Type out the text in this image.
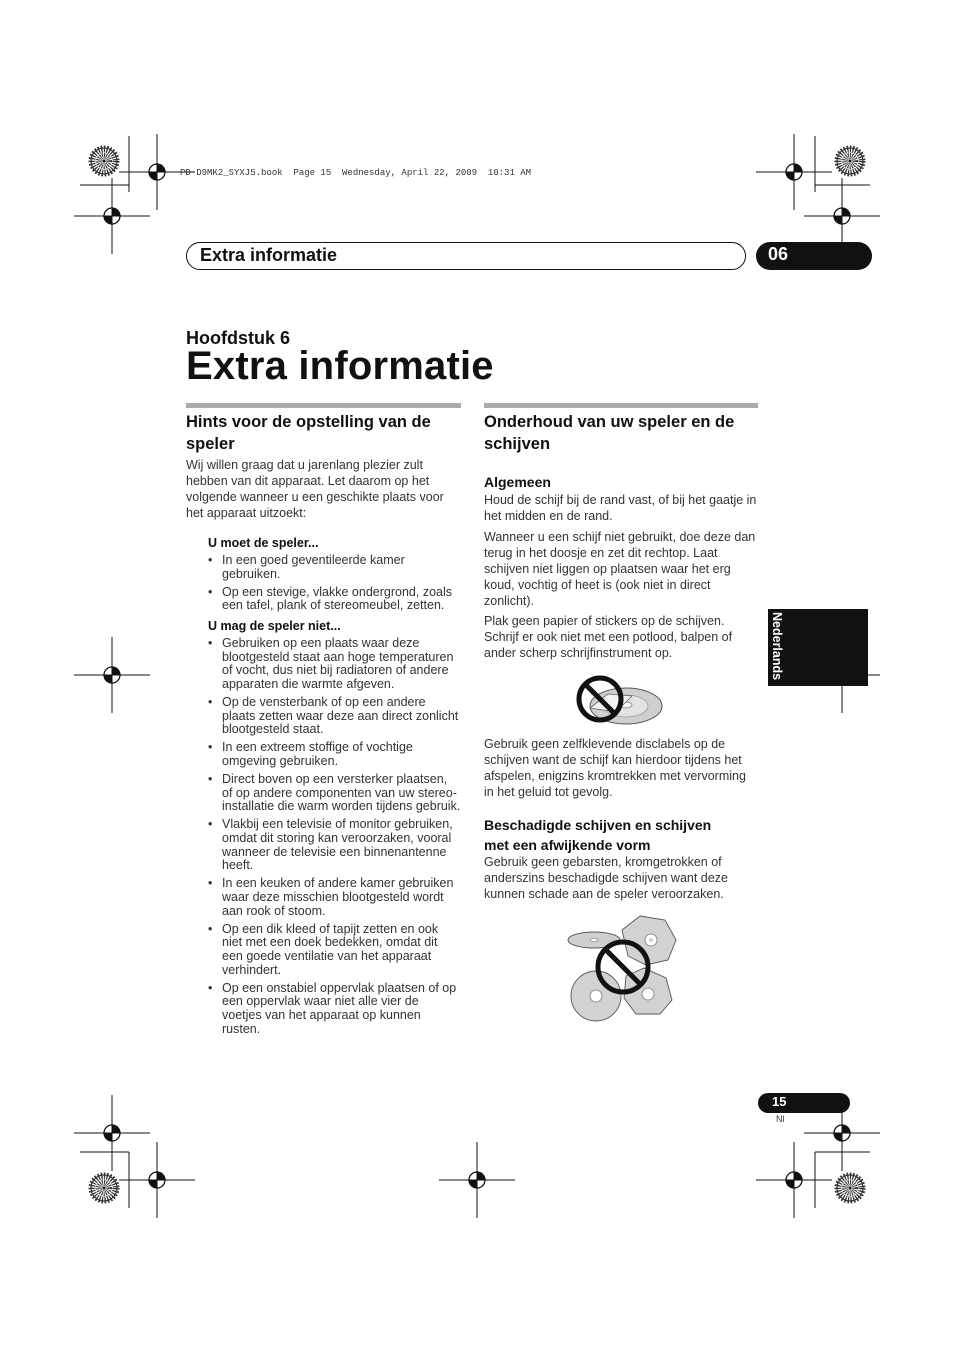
PD-D9MK2_SYXJ5.book  Page 15  Wednesday, April 22, 2009  10:31 AM
Extra informatie	06
Hoofdstuk 6
Extra informatie
Hints voor de opstelling van de
speler

Wij willen graag dat u jarenlang plezier zult hebben van dit apparaat. Let daarom op het volgende wanneer u een geschikte plaats voor het apparaat uitzoekt:

U moet de speler...
• In een goed geventileerde kamer gebruiken.
• Op een stevige, vlakke ondergrond, zoals een tafel, plank of stereomeubel, zetten.
U mag de speler niet...
• Gebruiken op een plaats waar deze blootgesteld staat aan hoge temperaturen of vocht, dus niet bij radiatoren of andere apparaten die warmte afgeven.
• Op de vensterbank of op een andere plaats zetten waar deze aan direct zonlicht blootgesteld staat.
• In een extreem stoffige of vochtige omgeving gebruiken.
• Direct boven op een versterker plaatsen, of op andere componenten van uw stereo-installatie die warm worden tijdens gebruik.
• Vlakbij een televisie of monitor gebruiken, omdat dit storing kan veroorzaken, vooral wanneer de televisie een binnenantenne heeft.
• In een keuken of andere kamer gebruiken waar deze misschien blootgesteld wordt aan rook of stoom.
• Op een dik kleed of tapijt zetten en ook niet met een doek bedekken, omdat dit een goede ventilatie van het apparaat verhindert.
• Op een onstabiel oppervlak plaatsen of op een oppervlak waar niet alle vier de voetjes van het apparaat op kunnen rusten.
Onderhoud van uw speler en de
schijven
Algemeen

Houd de schijf bij de rand vast, of bij het gaatje in het midden en de rand.

Wanneer u een schijf niet gebruikt, doe deze dan terug in het doosje en zet dit rechtop. Laat schijven niet liggen op plaatsen waar het erg koud, vochtig of heet is (ook niet in direct zonlicht).

Plak geen papier of stickers op de schijven. Schrijf er ook niet met een potlood, balpen of ander scherp schrijfinstrument op.

Gebruik geen zelfklevende disclabels op de schijven want de schijf kan hierdoor tijdens het afspelen, enigzins kromtrekken met vervorming in het geluid tot gevolg.

Beschadigde schijven en schijven
met een afwijkende vorm

Gebruik geen gebarsten, kromgetrokken of anderszins beschadigde schijven want deze kunnen schade aan de speler veroorzaken.

Nederlands
15
Nl
